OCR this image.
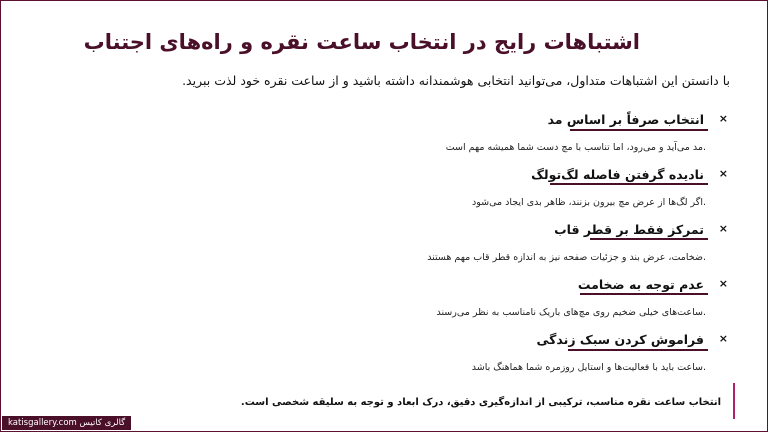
اشتباهات رایج در انتخاب ساعت نقره و راه‌های اجتناب
با دانستن این اشتباهات متداول، می‌توانید انتخابی هوشمندانه داشته باشید و از ساعت نقره خود لذت ببرید.
×
انتخاب صرفاً بر اساس مد
مد می‌آید و می‌رود، اما تناسب با مچ دست شما همیشه مهم است.
×
نادیده گرفتن فاصله لگ‌تولگ
اگر لگ‌ها از عرض مچ بیرون بزنند، ظاهر بدی ایجاد می‌شود.
×
تمرکز فقط بر قطر قاب
ضخامت، عرض بند و جزئیات صفحه نیز به اندازه قطر قاب مهم هستند.
×
عدم توجه به ضخامت
ساعت‌های خیلی ضخیم روی مچ‌های باریک نامناسب به نظر می‌رسند.
×
فراموش کردن سبک زندگی
ساعت باید با فعالیت‌ها و استایل روزمره شما هماهنگ باشد.
انتخاب ساعت نقره مناسب، ترکیبی از اندازه‌گیری دقیق، درک ابعاد و توجه به سلیقه شخصی است.
katisgallery.com گالری کاتیس
